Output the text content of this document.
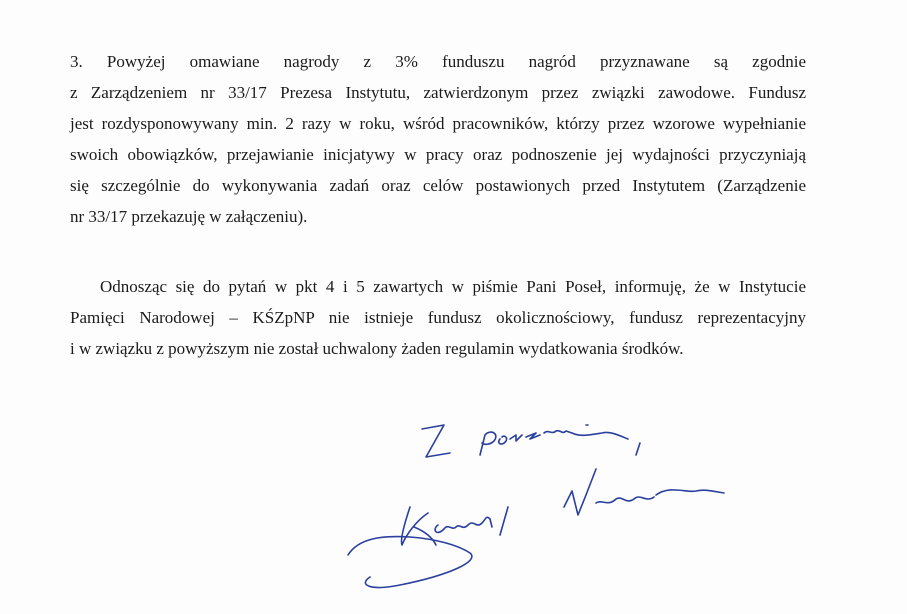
3. Powyżej omawiane nagrody z 3% funduszu nagród przyznawane są zgodnie
z Zarządzeniem nr 33/17 Prezesa Instytutu, zatwierdzonym przez związki zawodowe. Fundusz
jest rozdysponowywany min. 2 razy w roku, wśród pracowników, którzy przez wzorowe wypełnianie
swoich obowiązków, przejawianie inicjatywy w pracy oraz podnoszenie jej wydajności przyczyniają
się szczególnie do wykonywania zadań oraz celów postawionych przed Instytutem (Zarządzenie
nr 33/17 przekazuję w załączeniu).
Odnosząc się do pytań w pkt 4 i 5 zawartych w piśmie Pani Poseł, informuję, że w Instytucie
Pamięci Narodowej – KŚZpNP nie istnieje fundusz okolicznościowy, fundusz reprezentacyjny
i w związku z powyższym nie został uchwalony żaden regulamin wydatkowania środków.
